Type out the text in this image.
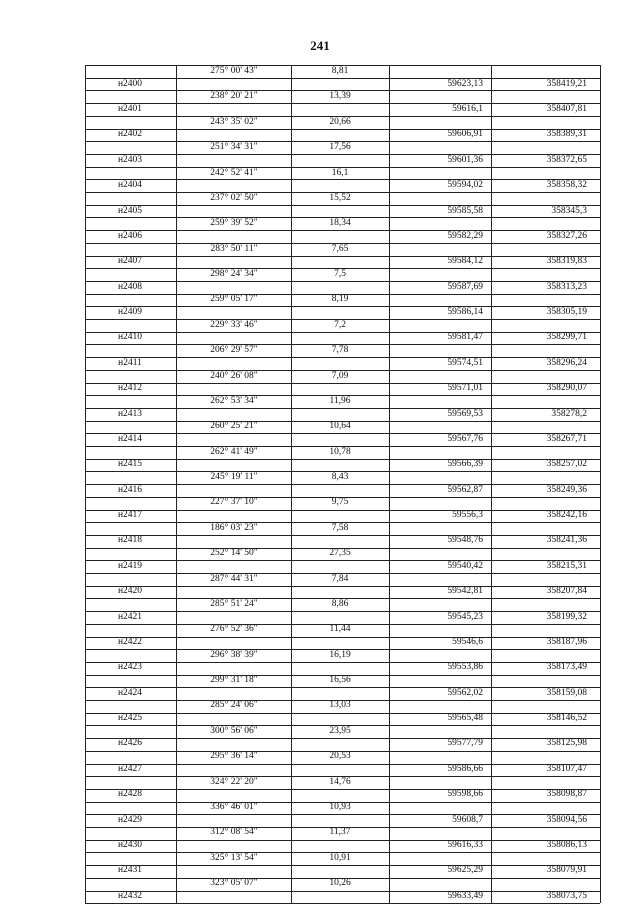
241
275° 00' 43"	8,81
н2400	59623,13	358419,21
238° 20' 21"	13,39
н2401	59616,1	358407,81
243° 35' 02"	20,66
н2402	59606,91	358389,31
251° 34' 31"	17,56
н2403	59601,36	358372,65
242° 52' 41"	16,1
н2404	59594,02	358358,32
237° 02' 50"	15,52
н2405	59585,58	358345,3
259° 39' 52"	18,34
н2406	59582,29	358327,26
283° 50' 11"	7,65
н2407	59584,12	358319,83
298° 24' 34"	7,5
н2408	59587,69	358313,23
259° 05' 17"	8,19
н2409	59586,14	358305,19
229° 33' 46"	7,2
н2410	59581,47	358299,71
206° 29' 57"	7,78
н2411	59574,51	358296,24
240° 26' 08"	7,09
н2412	59571,01	358290,07
262° 53' 34"	11,96
н2413	59569,53	358278,2
260° 25' 21"	10,64
н2414	59567,76	358267,71
262° 41' 49"	10,78
н2415	59566,39	358257,02
245° 19' 11"	8,43
н2416	59562,87	358249,36
227° 37' 10"	9,75
н2417	59556,3	358242,16
186° 03' 23"	7,58
н2418	59548,76	358241,36
252° 14' 50"	27,35
н2419	59540,42	358215,31
287° 44' 31"	7,84
н2420	59542,81	358207,84
285° 51' 24"	8,86
н2421	59545,23	358199,32
276° 52' 36"	11,44
н2422	59546,6	358187,96
296° 38' 39"	16,19
н2423	59553,86	358173,49
299° 31' 18"	16,56
н2424	59562,02	358159,08
285° 24' 06"	13,03
н2425	59565,48	358146,52
300° 56' 06"	23,95
н2426	59577,79	358125,98
295° 36' 14"	20,53
н2427	59586,66	358107,47
324° 22' 20"	14,76
н2428	59598,66	358098,87
336° 46' 01"	10,93
н2429	59608,7	358094,56
312° 08' 54"	11,37
н2430	59616,33	358086,13
325° 13' 54"	10,91
н2431	59625,29	358079,91
323° 05' 07"	10,26
н2432	59633,49	358073,75
